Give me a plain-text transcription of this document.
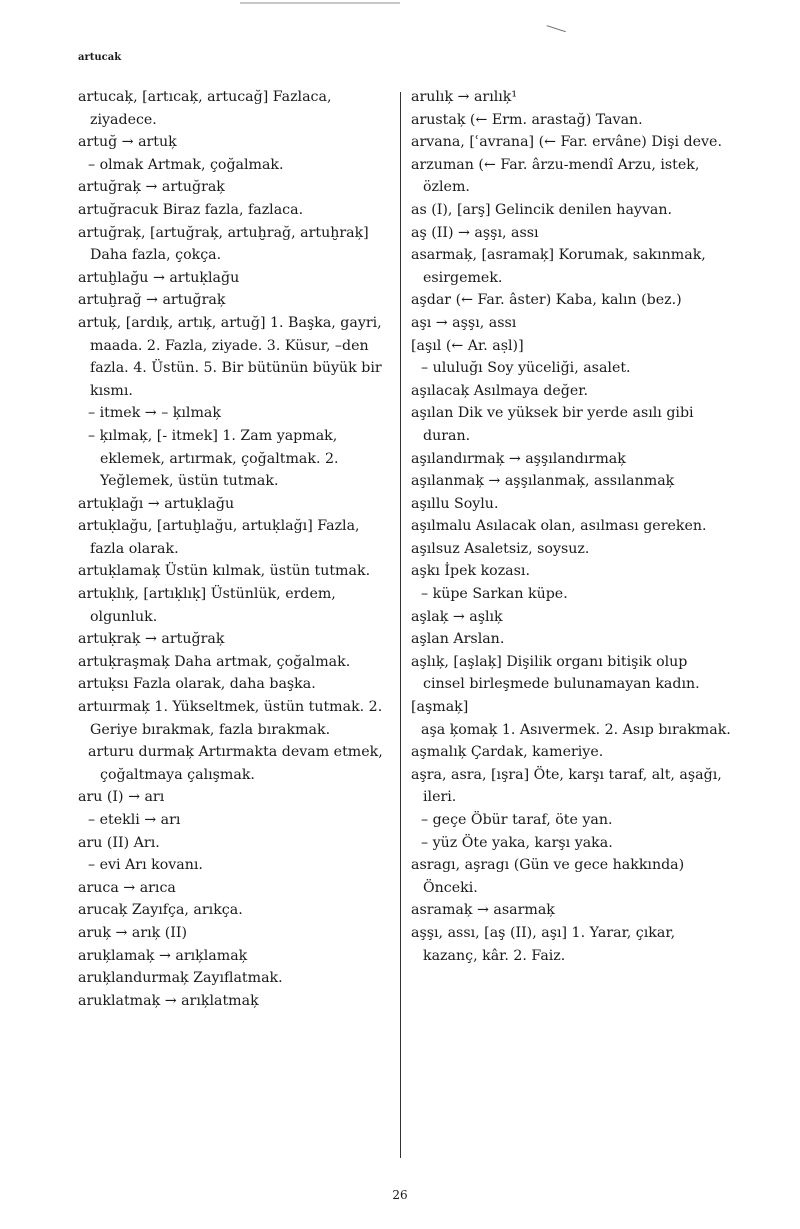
artucak

artucaķ, [artıcaķ, artucağ] Fazlaca, ziyadece.

artuğ → artuķ

– olmak Artmak, çoğalmak.

artuğraķ → artuğraķ

artuğracuk Biraz fazla, fazlaca.

artuğraķ, [artuğraķ, artuḫrağ, artuḫraķ] Daha fazla, çokça.

artuḫlağu → artuḳlağu

artuḫrağ → artuğraķ

artuķ, [ardıķ, artıķ, artuğ] 1. Başka, gayri, maada. 2. Fazla, ziyade. 3. Küsur, –den fazla. 4. Üstün. 5. Bir bütünün büyük bir kısmı.

– itmek → – ķılmaķ

– ķılmaķ, [- itmek] 1. Zam yapmak, eklemek, artırmak, çoğaltmak. 2. Yeğlemek, üstün tutmak.

artuḳlağı → artuḳlağu

artuḳlağu, [artuḫlağu, artuḳlağı] Fazla, fazla olarak.

artuḳlamaķ Üstün kılmak, üstün tutmak.

artuḳlıķ, [artıḳlıḳ] Üstünlük, erdem, olgunluk.

artuḳraķ → artuğraķ

artuḳraşmaķ Daha artmak, çoğalmak.

artuḳsı Fazla olarak, daha başka.

artuırmaķ 1. Yükseltmek, üstün tutmak. 2. Geriye bırakmak, fazla bırakmak.

arturu durmaķ Artırmakta devam etmek, çoğaltmaya çalışmak.

aru (I) → arı

– etekli → arı

aru (II) Arı.

– evi Arı kovanı.

aruca → arıca

arucaķ Zayıfça, arıkça.

aruķ → arıķ (II)

aruķlamaķ → arıķlamaķ

aruķlandurmaķ Zayıflatmak.

aruklatmaķ → arıķlatmaķ

arulıķ → arılıķ¹

arustaķ (← Erm. arastağ) Tavan.

arvana, [ʿavrana] (← Far. ervâne) Dişi deve.

arzuman (← Far. ârzu-mendî Arzu, istek, özlem.

as (I), [arş] Gelincik denilen hayvan.

aş (II) → aşşı, assı

asarmaķ, [asramaķ] Korumak, sakınmak, esirgemek.

aşdar (← Far. âster) Kaba, kalın (bez.)

aşı → aşşı, assı

[aşıl (← Ar. aṣl)]

– ululuğı Soy yüceliği, asalet.

aşılacaķ Asılmaya değer.

aşılan Dik ve yüksek bir yerde asılı gibi duran.

aşılandırmaķ → aşşılandırmaķ

aşılanmaķ → aşşılanmaķ, assılanmaķ

aşıllu Soylu.

aşılmalu Asılacak olan, asılması gereken.

aşılsuz Asaletsiz, soysuz.

aşkı İpek kozası.

– küpe Sarkan küpe.

aşlaķ → aşlıķ

aşlan Arslan.

aşlıķ, [aşlaķ] Dişilik organı bitişik olup cinsel birleşmede bulunamayan kadın.

[aşmaķ]

aşa ķomaķ 1. Asıvermek. 2. Asıp bırakmak.

aşmalıķ Çardak, kameriye.

aşra, asra, [ışra] Öte, karşı taraf, alt, aşağı, ileri.

– geçe Öbür taraf, öte yan.

– yüz Öte yaka, karşı yaka.

asragı, aşragı (Gün ve gece hakkında) Önceki.

asramaķ → asarmaķ

aşşı, assı, [aş (II), aşı] 1. Yarar, çıkar, kazanç, kâr. 2. Faiz.

26
